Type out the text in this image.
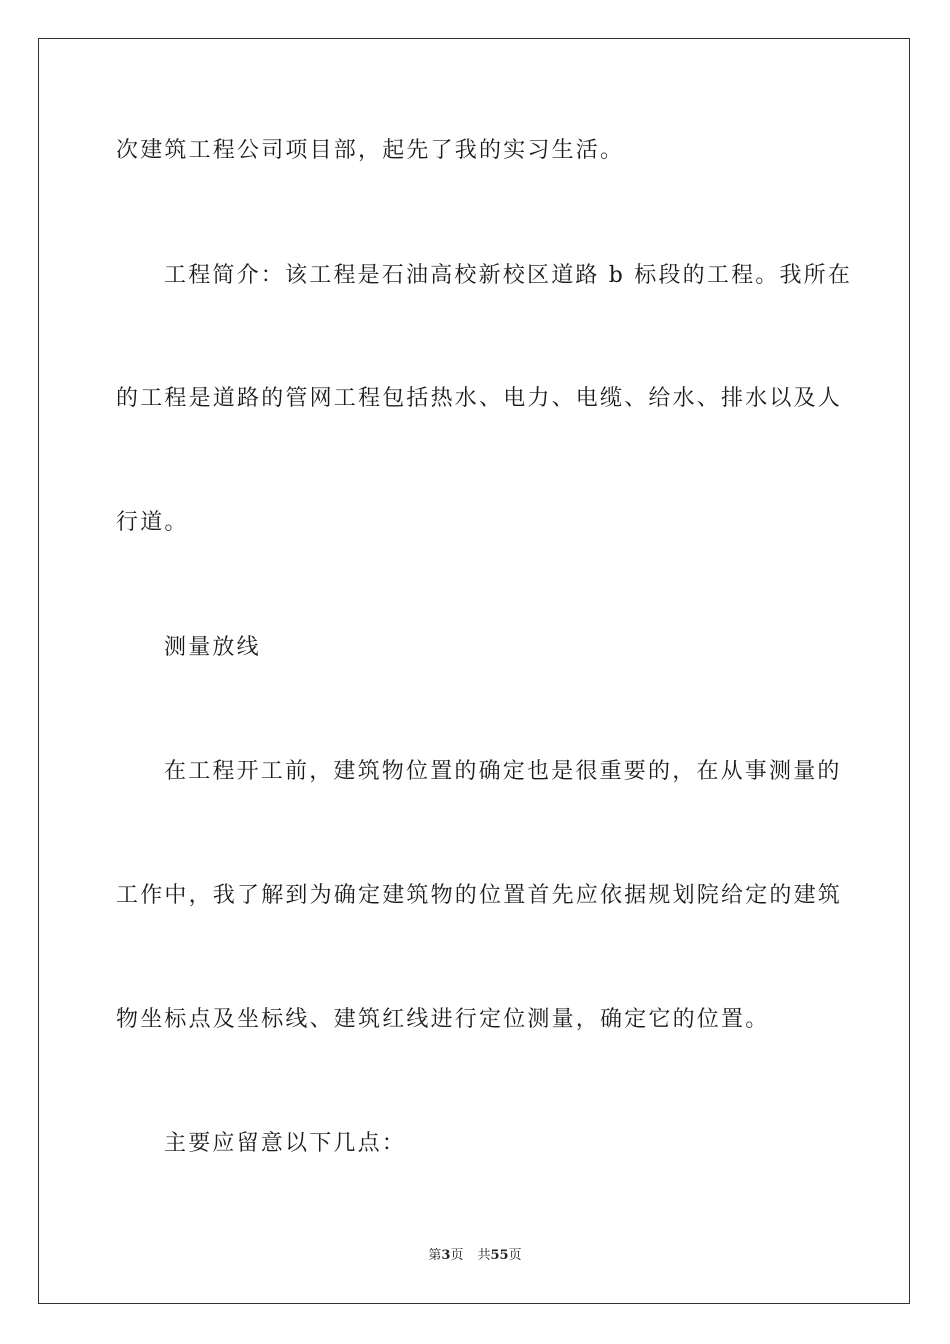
次建筑工程公司项目部，起先了我的实习生活。
工程简介：该工程是石油高校新校区道路 b 标段的工程。我所在
的工程是道路的管网工程包括热水、电力、电缆、给水、排水以及人
行道。
测量放线
在工程开工前，建筑物位置的确定也是很重要的，在从事测量的
工作中，我了解到为确定建筑物的位置首先应依据规划院给定的建筑
物坐标点及坐标线、建筑红线进行定位测量，确定它的位置。
主要应留意以下几点：
第3页 共55页
